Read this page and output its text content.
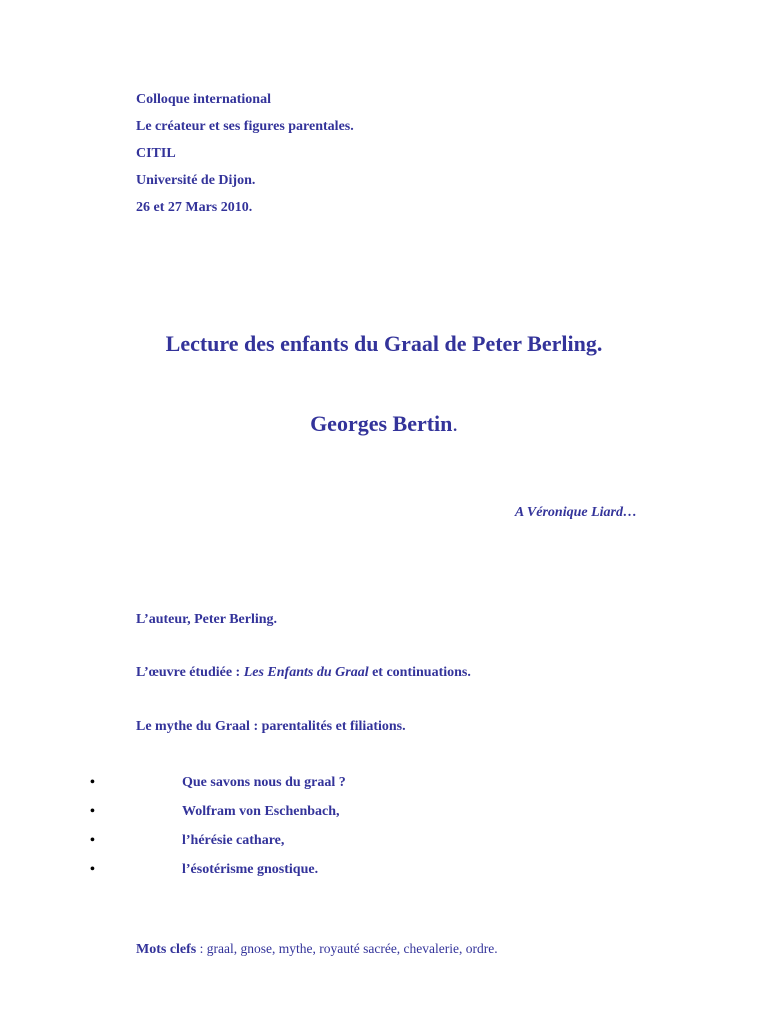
Colloque international
Le créateur et ses figures parentales.
CITIL
Université de Dijon.
26 et 27 Mars 2010.
Lecture des enfants du Graal de Peter Berling.
Georges Bertin.
A Véronique Liard…
L’auteur, Peter Berling.
L’œuvre étudiée : Les Enfants du Graal et continuations.
Le mythe du Graal : parentalités et filiations.
•	Que savons nous du graal ?
•	Wolfram von Eschenbach,
•	l’hérésie cathare,
•	l’ésotérisme gnostique.
Mots clefs : graal, gnose, mythe, royauté sacrée, chevalerie, ordre.
